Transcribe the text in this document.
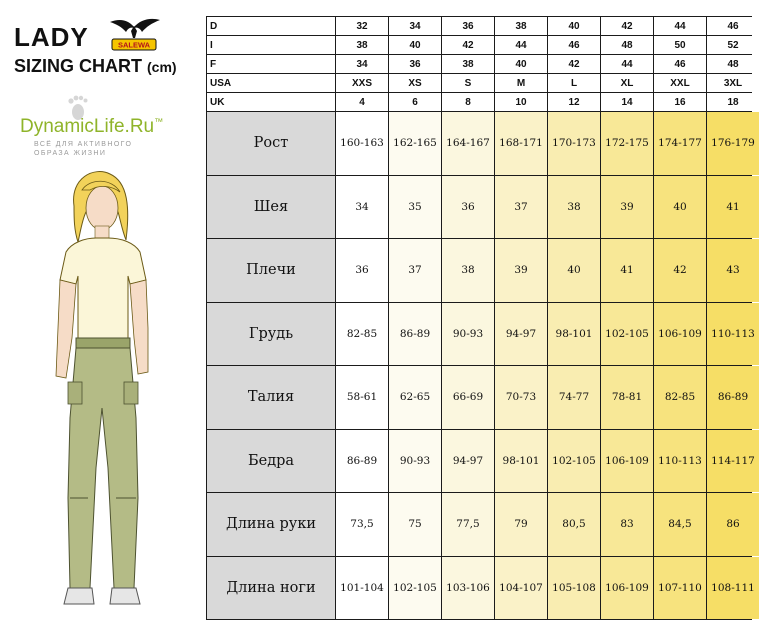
LADY
SIZING CHART (cm)
SALEWA
DynamicLife.Ru™
ВСЁ ДЛЯ АКТИВНОГО ОБРАЗА ЖИЗНИ
D	32	34	36	38	40	42	44	46
I	38	40	42	44	46	48	50	52
F	34	36	38	40	42	44	46	48
USA	XXS	XS	S	M	L	XL	XXL	3XL
UK	4	6	8	10	12	14	16	18
Рост	160-163 162-165 164-167 168-171 170-173 172-175 174-177 176-179
Шея	34	35	36	37	38	39	40	41
Плечи	36	37	38	39	40	41	42	43
Грудь	82-85	86-89	90-93	94-97	98-101	102-105 106-109 110-113
Талия	58-61	62-65	66-69	70-73	74-77	78-81	82-85	86-89
Бедра	86-89	90-93	94-97	98-101	102-105 106-109 110-113 114-117
Длина руки	73,5	75	77,5	79	80,5	83	84,5	86
Длина ноги	101-104 102-105 103-106 104-107 105-108 106-109 107-110 108-111
